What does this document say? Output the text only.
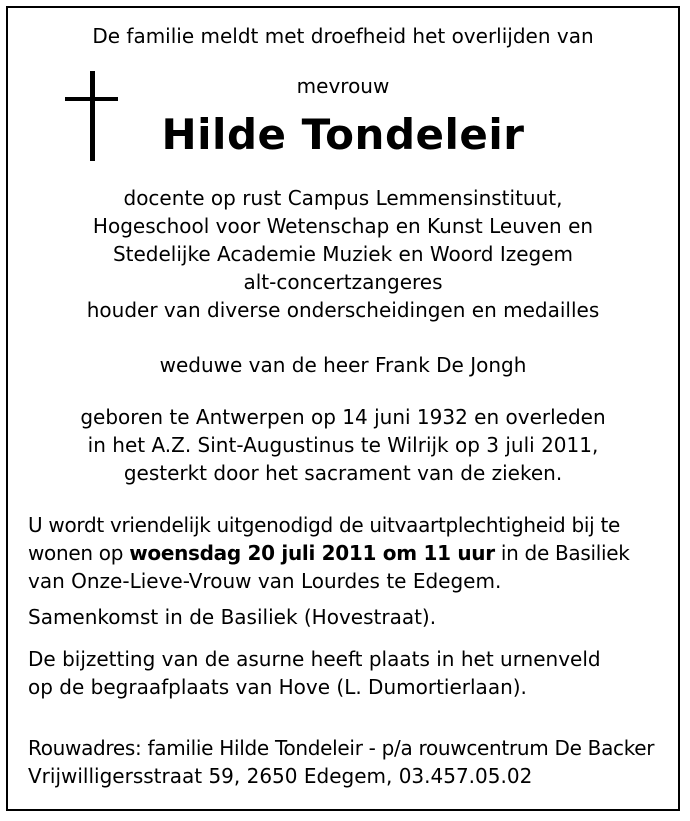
De familie meldt met droefheid het overlijden van
mevrouw
Hilde Tondeleir
docente op rust Campus Lemmensinstituut,
Hogeschool voor Wetenschap en Kunst Leuven en
Stedelijke Academie Muziek en Woord Izegem
alt-concertzangeres
houder van diverse onderscheidingen en medailles
weduwe van de heer Frank De Jongh
geboren te Antwerpen op 14 juni 1932 en overleden
in het A.Z. Sint-Augustinus te Wilrijk op 3 juli 2011,
gesterkt door het sacrament van de zieken.
U wordt vriendelijk uitgenodigd de uitvaartplechtigheid bij te
wonen op woensdag 20 juli 2011 om 11 uur in de Basiliek
van Onze-Lieve-Vrouw van Lourdes te Edegem.
Samenkomst in de Basiliek (Hovestraat).
De bijzetting van de asurne heeft plaats in het urnenveld
op de begraafplaats van Hove (L. Dumortierlaan).
Rouwadres: familie Hilde Tondeleir - p/a rouwcentrum De Backer
Vrijwilligersstraat 59, 2650 Edegem, 03.457.05.02
